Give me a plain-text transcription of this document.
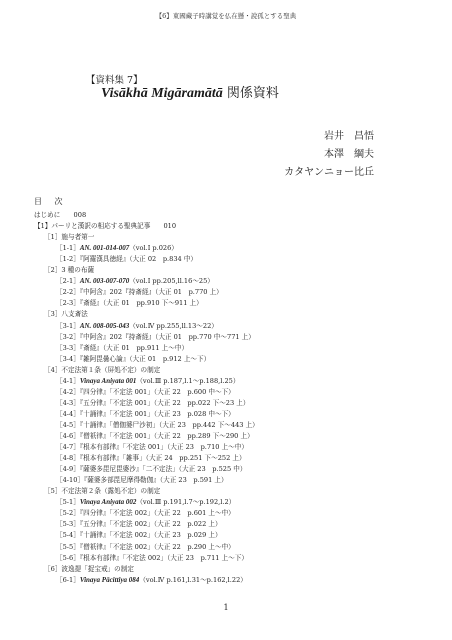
【6】東國藏子時講覚を仏在懸・說孤とする聖典
【資料集 7】
Visākhā Migāramātā 関係資料
岩井　昌悟
本澤　綱夫
カタヤンニョー比丘
目 次
はじめに　　008
【1】パーリと漢訳の相応する聖典記事　　010
［1］施与者第一
［1-1］AN. 001-014-007（vol.Ⅰ p.026）
［1-2］『阿羅漢具徳経』（大正 02　p.834 中）
［2］3 種の布薩
［2-1］AN. 003-007-070（vol.Ⅰ pp.205,ll.16～25）
［2-2］『中阿含』202『持斎経』（大正 01　p.770 上）
［2-3］『斎経』（大正 01　pp.910 下～911 上）
［3］八支斎法
［3-1］AN. 008-005-043（vol.Ⅳ pp.255,ll.13～22）
［3-2］『中阿含』202『持斎経』（大正 01　pp.770 中～771 上）
［3-3］『斎経』（大正 01　pp.911 上～中）
［3-4］『雑阿毘曇心論』（大正 01　p.912 上～下）
［4］不定法第１条（屏処不定）の制定
［4-1］Vinaya Aniyata 001（vol.Ⅲ p.187,l.1～p.188,l.25）
［4-2］『四分律』「不定法 001」（大正 22　p.600 中～下）
［4-3］『五分律』「不定法 001」（大正 22　pp.022 下～23 上）
［4-4］『十誦律』「不定法 001」（大正 23　p.028 中～下）
［4-5］『十誦律』「僧伽婆尸沙初」（大正 23　pp.442 下～443 上）
［4-6］『僧祇律』「不定法 001」（大正 22　pp.289 下～290 上）
［4-7］『根本有部律』「不定法 001」（大正 23　p.710 上～中）
［4-8］『根本有部律』「雑事」（大正 24　pp.251 下～252 上）
［4-9］『薩婆多毘尼毘婆沙』「二不定法」（大正 23　p.525 中）
［4-10］『薩婆多部毘尼摩得勒伽』（大正 23　p.591 上）
［5］不定法第２条（露処不定）の制定
［5-1］Vinaya Aniyata 002（vol.Ⅲ p.191,l.7～p.192,l.2）
［5-2］『四分律』「不定法 002」（大正 22　p.601 上～中）
［5-3］『五分律』「不定法 002」（大正 22　p.022 上）
［5-4］『十誦律』「不定法 002」（大正 23　p.029 上）
［5-5］『僧祇律』「不定法 002」（大正 22　p.290 上～中）
［5-6］『根本有部律』「不定法 002」（大正 23　p.711 上～下）
［6］波逸提「捉宝戒」の制定
［6-1］Vinaya Pācittiya 084（vol.Ⅳ p.161,l.31～p.162,l.22）
1
